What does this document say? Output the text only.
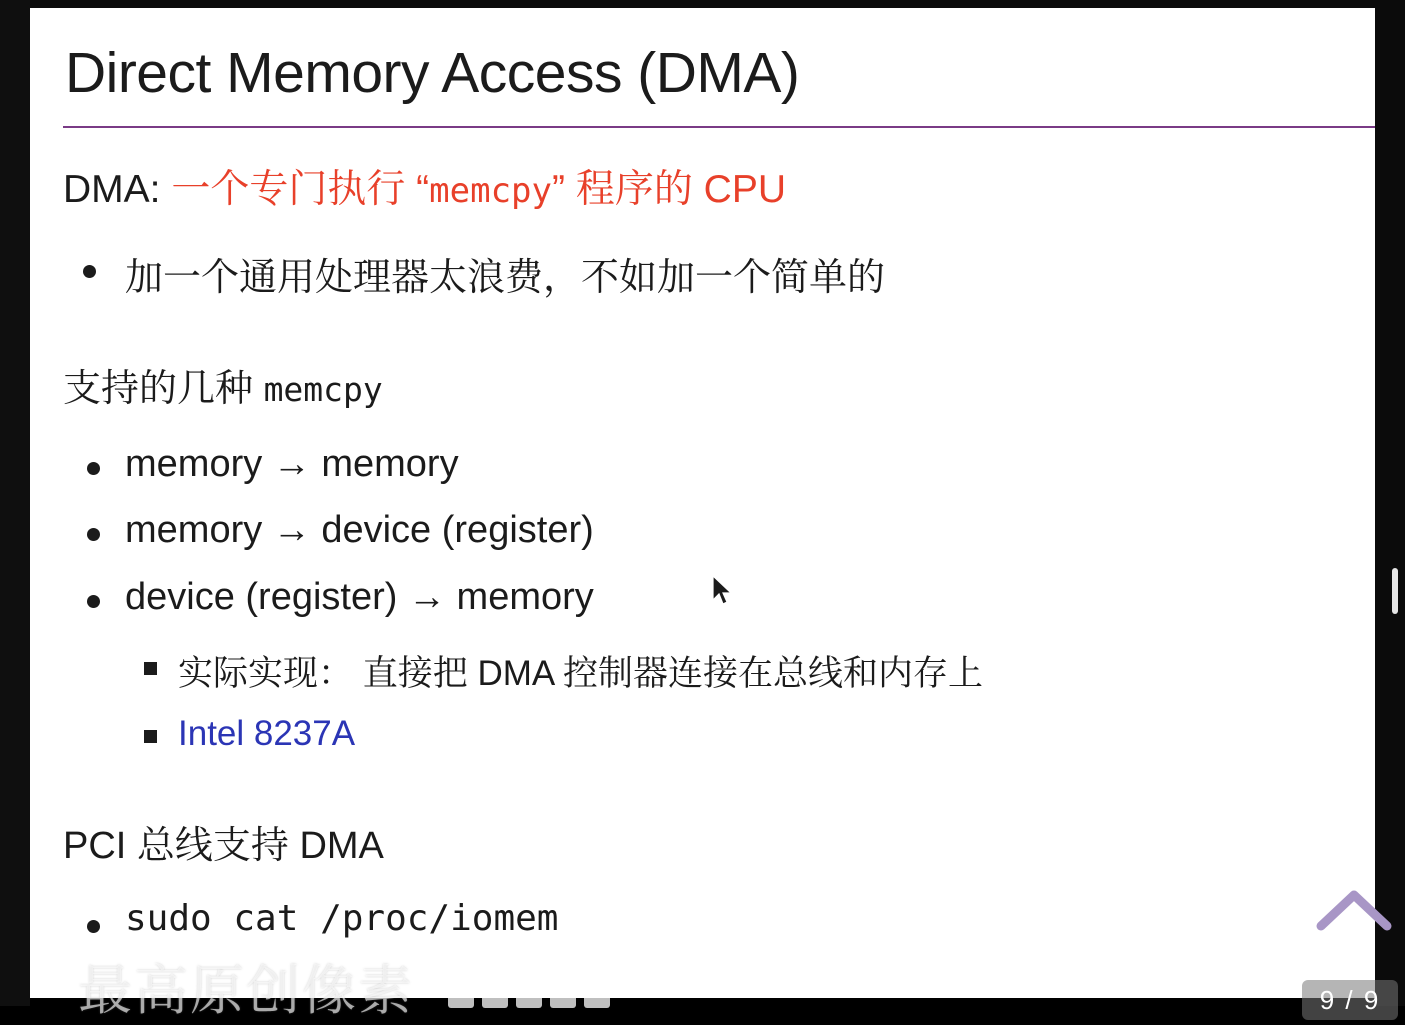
Direct Memory Access (DMA)
DMA: 一个专门执行 “memcpy” 程序的 CPU
加一个通用处理器太浪费，不如加一个简单的
支持的几种 memcpy
memory → memory
memory → device (register)
device (register) → memory
实际实现： 直接把 DMA 控制器连接在总线和内存上
Intel 8237A
PCI 总线支持 DMA
sudo cat /proc/iomem
最高原创像素	9 / 9
